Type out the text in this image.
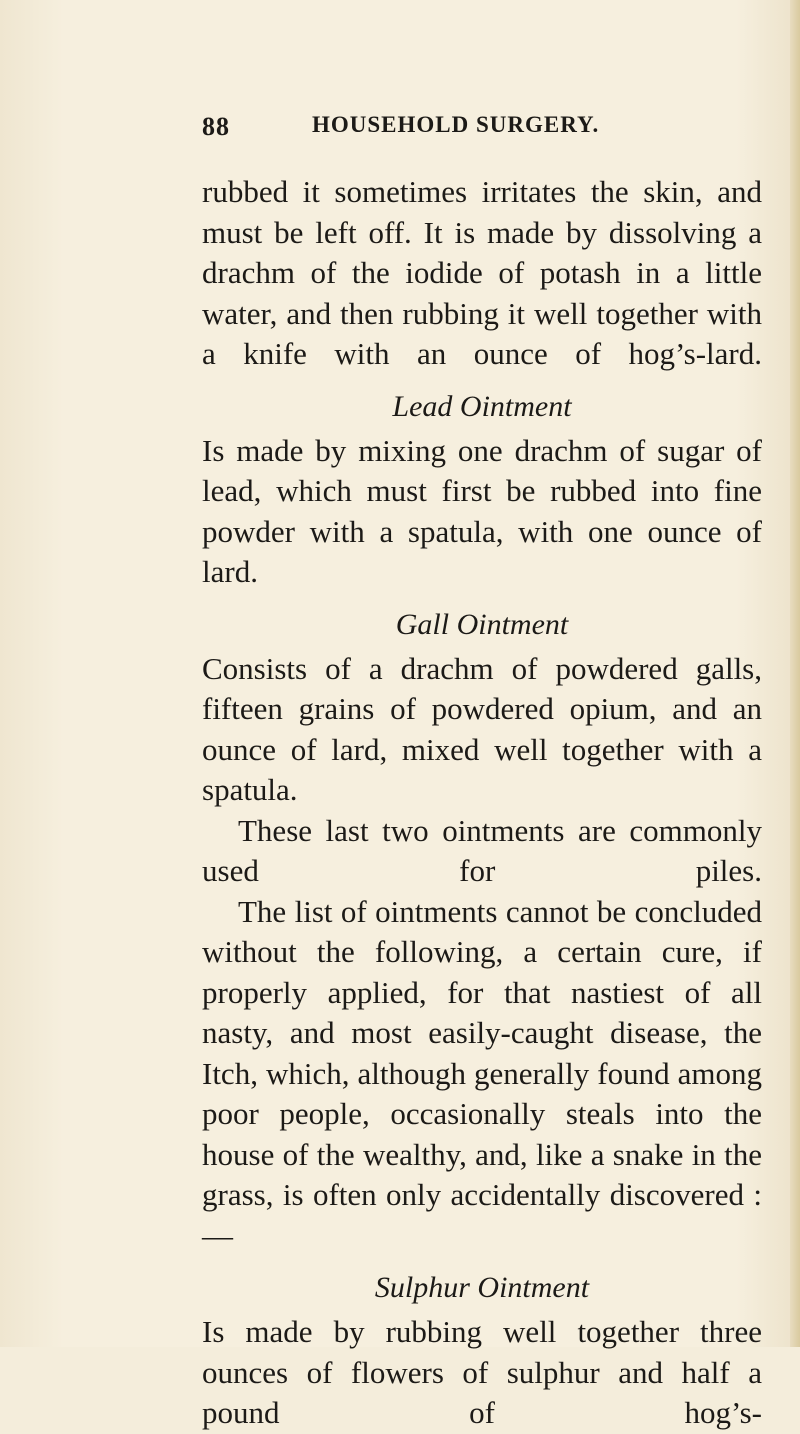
88	HOUSEHOLD SURGERY.

rubbed it sometimes irritates the skin, and must be left off. It is made by dissolving a drachm of the iodide of potash in a little water, and then rubbing it well together with a knife with an ounce of hog’s-lard.

Lead Ointment

Is made by mixing one drachm of sugar of lead, which must first be rubbed into fine powder with a spatula, with one ounce of lard.

Gall Ointment

Consists of a drachm of powdered galls, fifteen grains of powdered opium, and an ounce of lard, mixed well together with a spatula.

These last two ointments are commonly used for piles.

The list of ointments cannot be concluded without the following, a certain cure, if properly applied, for that nastiest of all nasty, and most easily-caught disease, the Itch, which, although generally found among poor people, occasionally steals into the house of the wealthy, and, like a snake in the grass, is often only accidentally discovered :—

Sulphur Ointment

Is made by rubbing well together three ounces of flowers of sulphur and half a pound of hog’s-
